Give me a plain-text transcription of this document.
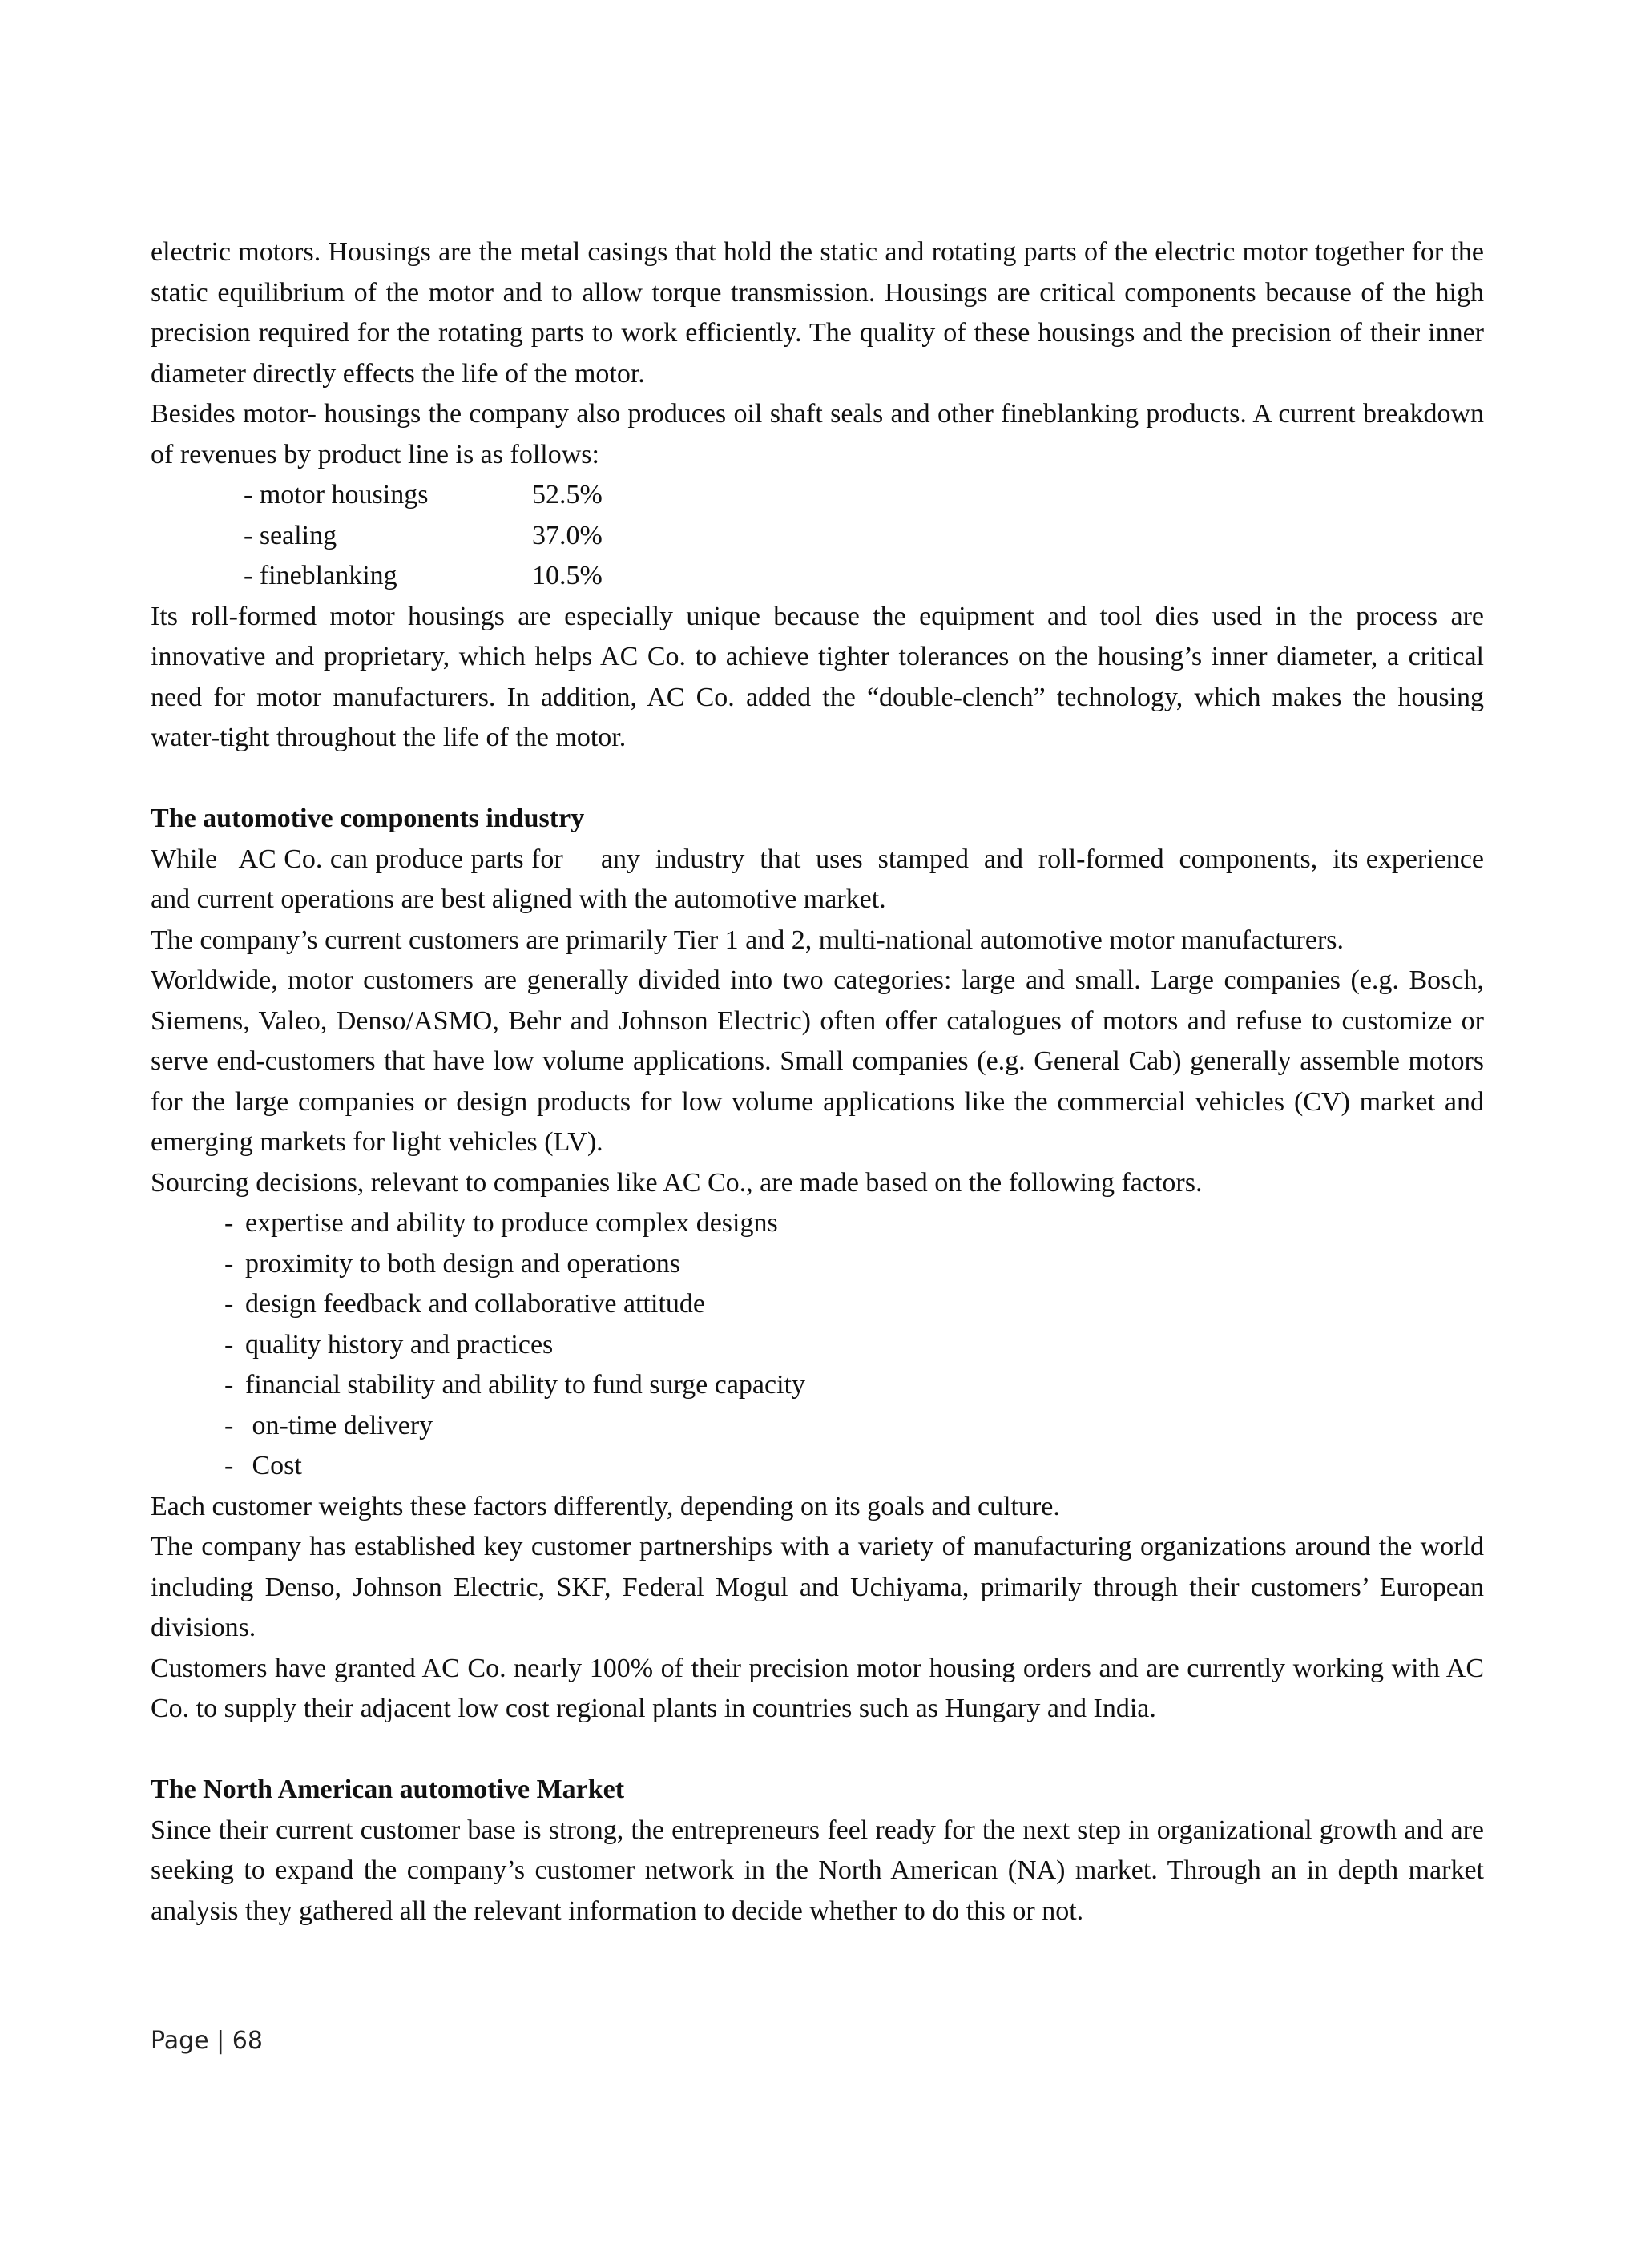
electric motors. Housings are the metal casings that hold the static and rotating parts of the electric motor together for the static equilibrium of the motor and to allow torque transmission. Housings are critical components because of the high precision required for the rotating parts to work efficiently. The quality of these housings and the precision of their inner diameter directly effects the life of the motor.

Besides motor- housings the company also produces oil shaft seals and other fineblanking products. A current breakdown of revenues by product line is as follows:

- motor housings	52.5%
- sealing	37.0%
- fineblanking	10.5%

Its roll-formed motor housings are especially unique because the equipment and tool dies used in the process are innovative and proprietary, which helps AC Co. to achieve tighter tolerances on the housing’s inner diameter, a critical need for motor manufacturers. In addition, AC Co. added the “double-clench” technology, which makes the housing water-tight throughout the life of the motor.

The automotive components industry

While   AC Co. can produce parts for     any  industry  that  uses  stamped  and  roll-formed  components,  its experience and current operations are best aligned with the automotive market.

The company’s current customers are primarily Tier 1 and 2, multi-national automotive motor manufacturers.

Worldwide, motor customers are generally divided into two categories: large and small. Large companies (e.g. Bosch, Siemens, Valeo, Denso/ASMO, Behr and Johnson Electric) often offer catalogues of motors and refuse to customize or serve end-customers that have low volume applications. Small companies (e.g. General Cab) generally assemble motors for the large companies or design products for low volume applications like the commercial vehicles (CV) market and emerging markets for light vehicles (LV).

Sourcing decisions, relevant to companies like AC Co., are made based on the following factors.

- expertise and ability to produce complex designs
- proximity to both design and operations
- design feedback and collaborative attitude
- quality history and practices
- financial stability and ability to fund surge capacity
- on-time delivery
- Cost

Each customer weights these factors differently, depending on its goals and culture.

The company has established key customer partnerships with a variety of manufacturing organizations around the world including Denso, Johnson Electric, SKF, Federal Mogul and Uchiyama, primarily through their customers’ European divisions.

Customers have granted AC Co. nearly 100% of their precision motor housing orders and are currently working with AC Co. to supply their adjacent low cost regional plants in countries such as Hungary and India.

The North American automotive Market

Since their current customer base is strong, the entrepreneurs feel ready for the next step in organizational growth and are seeking to expand the company’s customer network in the North American (NA) market. Through an in depth market analysis they gathered all the relevant information to decide whether to do this or not.

Page | 68
